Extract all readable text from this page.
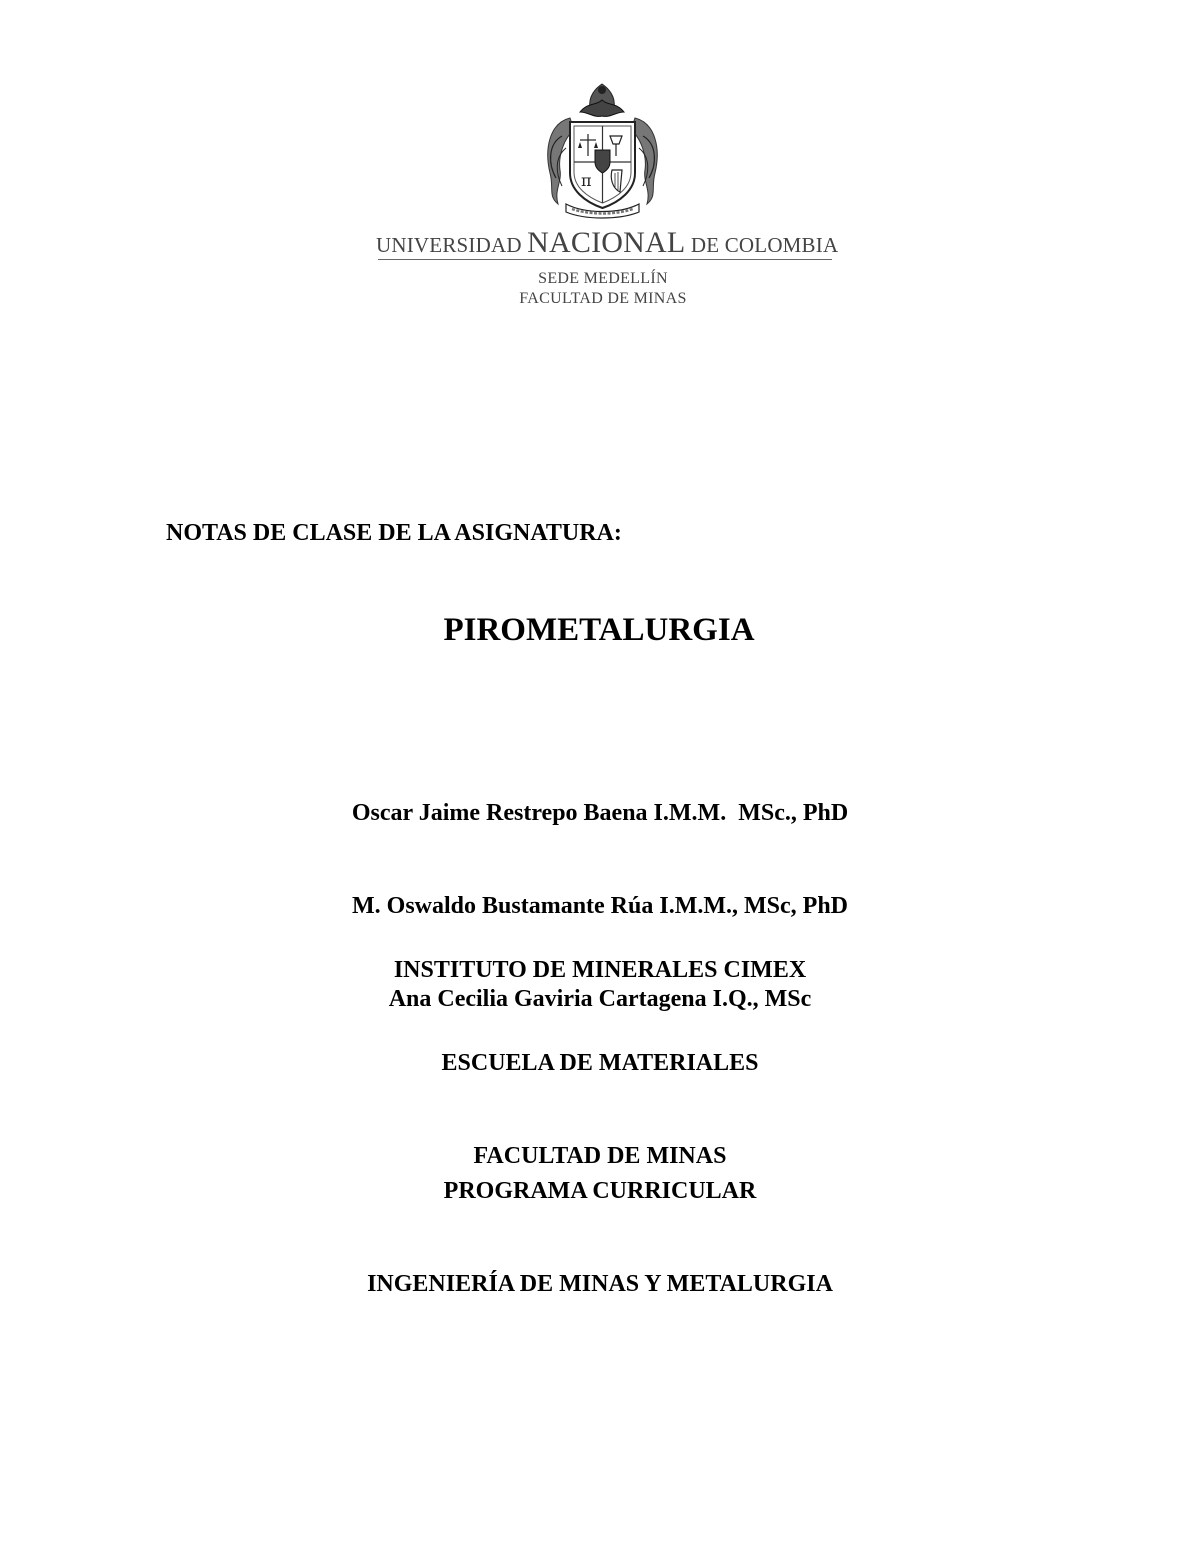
π
UNIVERSIDAD NACIONAL DE COLOMBIA
SEDE MEDELLÍN
FACULTAD DE MINAS
NOTAS DE CLASE DE LA ASIGNATURA:
PIROMETALURGIA

Oscar Jaime Restrepo Baena I.M.M.  MSc., PhD

M. Oswaldo Bustamante Rúa I.M.M., MSc, PhD

Ana Cecilia Gaviria Cartagena I.Q., MSc

INSTITUTO DE MINERALES CIMEX

ESCUELA DE MATERIALES

FACULTAD DE MINAS

PROGRAMA CURRICULAR

INGENIERÍA DE MINAS Y METALURGIA
